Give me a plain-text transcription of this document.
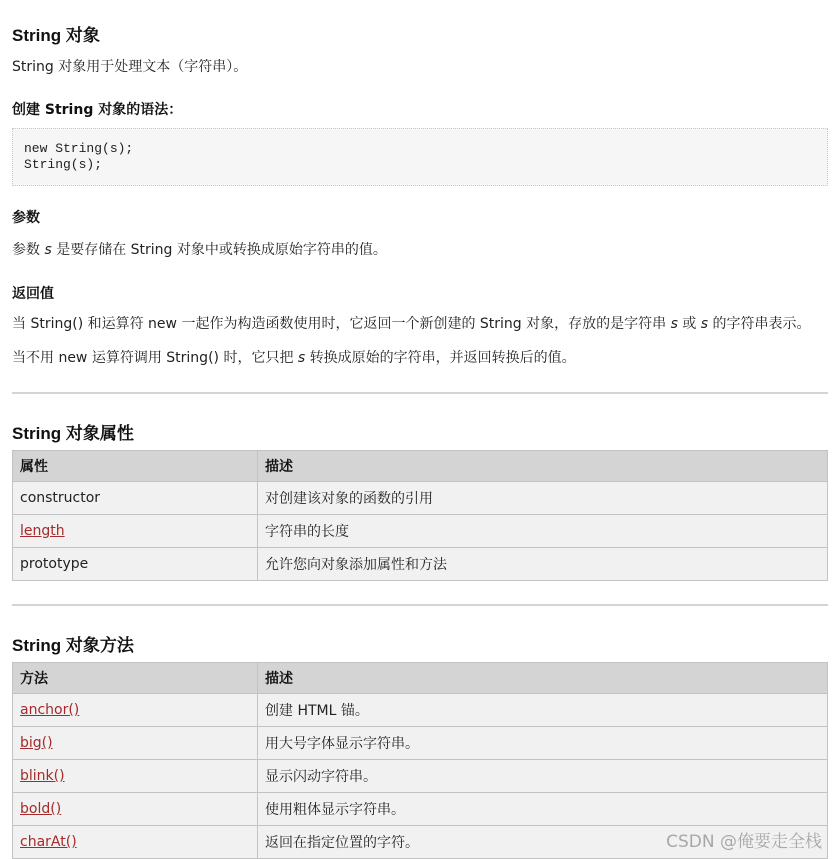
String 对象

String 对象用于处理文本（字符串）。

创建 String 对象的语法：
new String(s);
String(s);
参数

参数 s 是要存储在 String 对象中或转换成原始字符串的值。

返回值

当 String() 和运算符 new 一起作为构造函数使用时，它返回一个新创建的 String 对象，存放的是字符串 s 或 s 的字符串表示。

当不用 new 运算符调用 String() 时，它只把 s 转换成原始的字符串，并返回转换后的值。

String 对象属性
属性	描述
constructor	对创建该对象的函数的引用
length	字符串的长度
prototype	允许您向对象添加属性和方法
String 对象方法
方法	描述
anchor()	创建 HTML 锚。
big()	用大号字体显示字符串。
blink()	显示闪动字符串。
bold()	使用粗体显示字符串。
charAt()	返回在指定位置的字符。	CSDN @俺要走全栈
